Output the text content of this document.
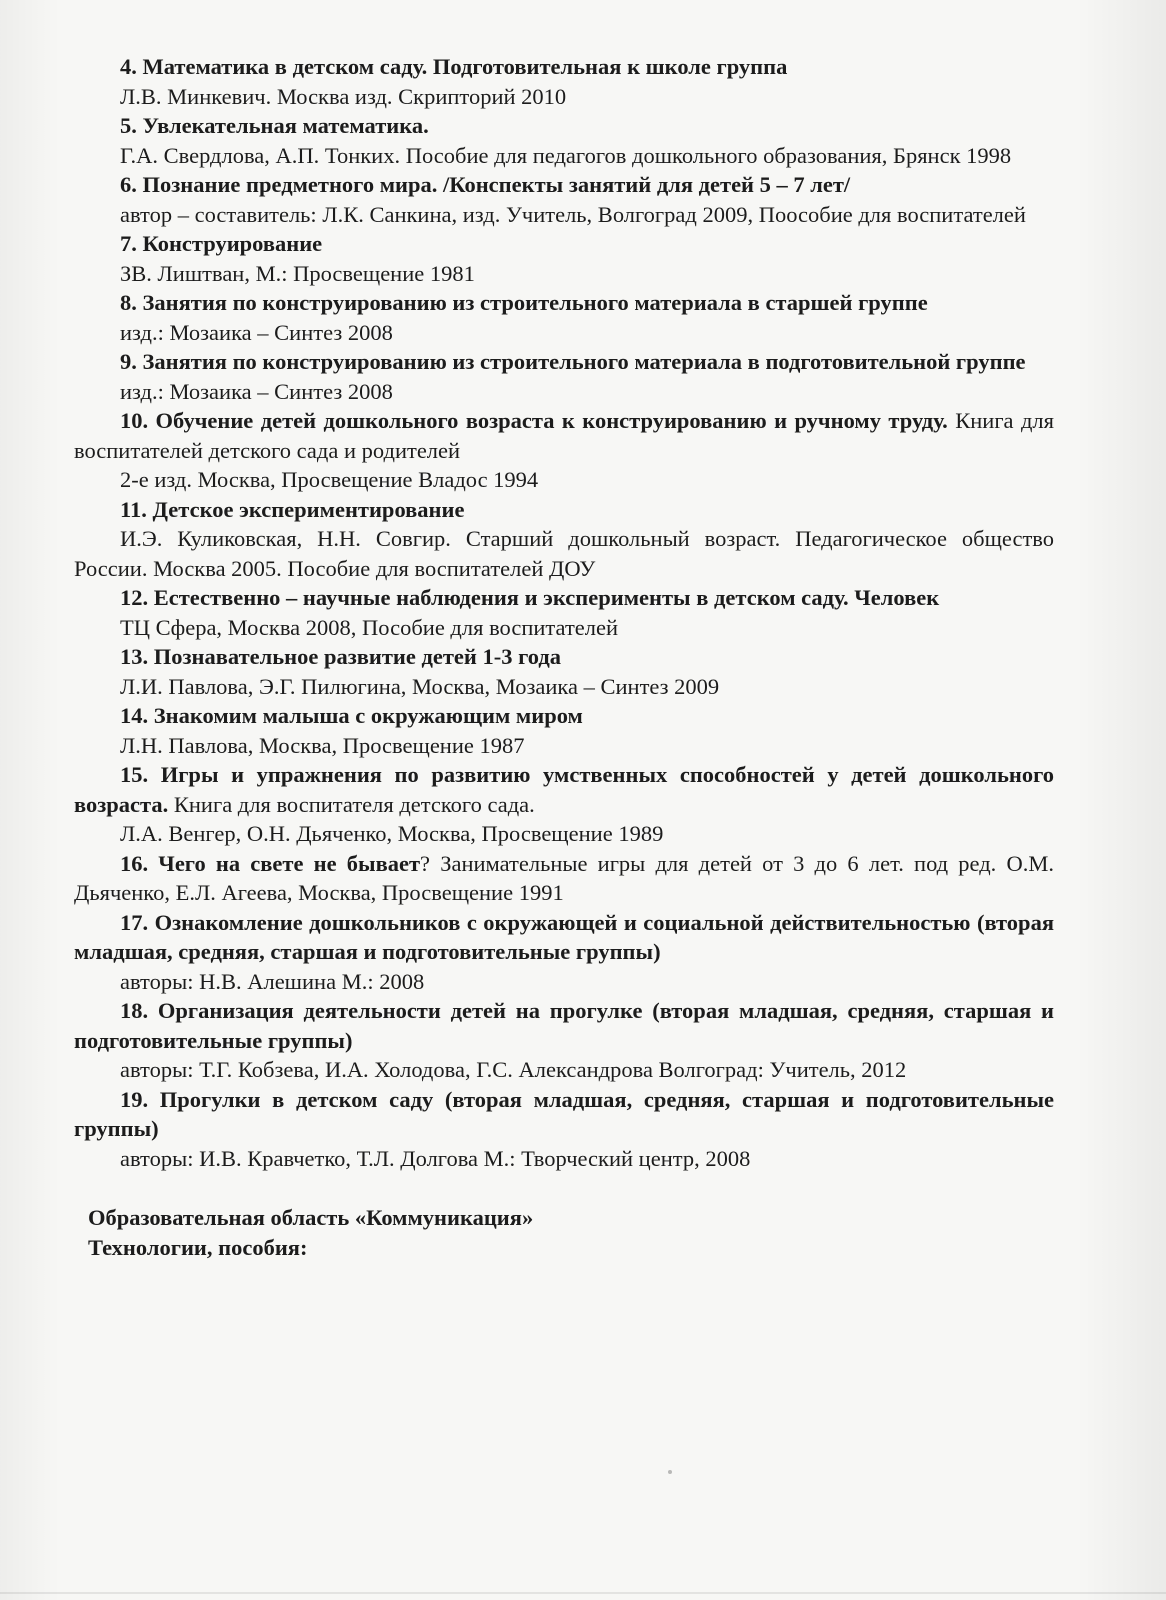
4. Математика в детском саду. Подготовительная к школе группа
Л.В. Минкевич. Москва изд. Скрипторий 2010
5. Увлекательная математика.
Г.А. Свердлова, А.П. Тонких. Пособие для педагогов дошкольного образования, Брянск 1998
6. Познание предметного мира. /Конспекты занятий для детей 5 – 7 лет/
автор – составитель: Л.К. Санкина, изд. Учитель, Волгоград 2009, Поособие для воспитателей
7. Конструирование
ЗВ. Лиштван, М.: Просвещение 1981
8. Занятия по конструированию из строительного материала в старшей группе
изд.: Мозаика – Синтез 2008
9. Занятия по конструированию из строительного материала в подготовительной группе
изд.: Мозаика – Синтез 2008
10. Обучение детей дошкольного возраста к конструированию и ручному труду. Книга для воспитателей детского сада и родителей
2-е изд. Москва, Просвещение Владос 1994
11. Детское экспериментирование
И.Э. Куликовская, Н.Н. Совгир. Старший дошкольный возраст. Педагогическое общество России. Москва 2005. Пособие для воспитателей ДОУ
12. Естественно – научные наблюдения и эксперименты в детском саду. Человек
ТЦ Сфера, Москва 2008, Пособие для воспитателей
13. Познавательное развитие детей 1-3 года
Л.И. Павлова, Э.Г. Пилюгина, Москва, Мозаика – Синтез 2009
14. Знакомим малыша с окружающим миром
Л.Н. Павлова, Москва, Просвещение 1987
15. Игры и упражнения по развитию умственных способностей у детей дошкольного возраста. Книга для воспитателя детского сада.
Л.А. Венгер, О.Н. Дьяченко, Москва, Просвещение 1989
16. Чего на свете не бывает? Занимательные игры для детей от 3 до 6 лет. под ред. О.М. Дьяченко, Е.Л. Агеева, Москва, Просвещение 1991
17. Ознакомление дошкольников с окружающей и социальной действительностью (вторая младшая, средняя, старшая и подготовительные группы)
авторы: Н.В. Алешина М.: 2008
18. Организация деятельности детей на прогулке (вторая младшая, средняя, старшая и подготовительные группы)
авторы: Т.Г. Кобзева, И.А. Холодова, Г.С. Александрова Волгоград: Учитель, 2012
19. Прогулки в детском саду (вторая младшая, средняя, старшая и подготовительные группы)
авторы: И.В. Кравчетко, Т.Л. Долгова М.: Творческий центр, 2008

Образовательная область «Коммуникация»

Технологии, пособия:
